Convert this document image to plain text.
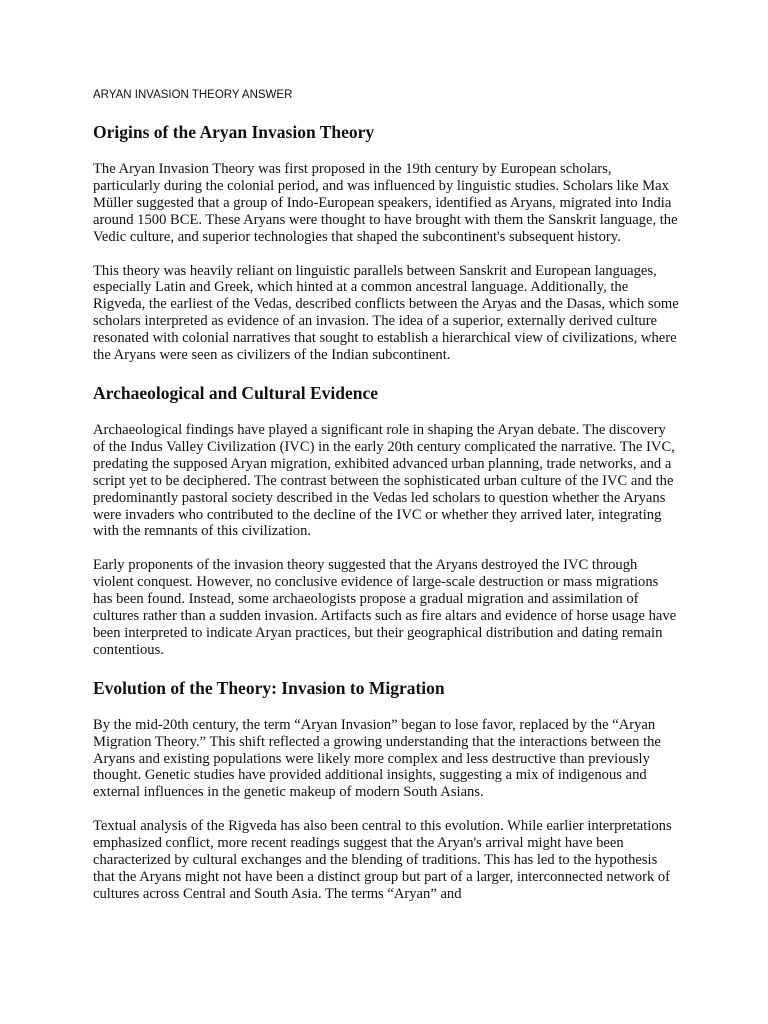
ARYAN INVASION THEORY ANSWER
Origins of the Aryan Invasion Theory

The Aryan Invasion Theory was first proposed in the 19th century by European scholars, particularly during the colonial period, and was influenced by linguistic studies. Scholars like Max Müller suggested that a group of Indo-European speakers, identified as Aryans, migrated into India around 1500 BCE. These Aryans were thought to have brought with them the Sanskrit language, the Vedic culture, and superior technologies that shaped the subcontinent's subsequent history.

This theory was heavily reliant on linguistic parallels between Sanskrit and European languages, especially Latin and Greek, which hinted at a common ancestral language. Additionally, the Rigveda, the earliest of the Vedas, described conflicts between the Aryas and the Dasas, which some scholars interpreted as evidence of an invasion. The idea of a superior, externally derived culture resonated with colonial narratives that sought to establish a hierarchical view of civilizations, where the Aryans were seen as civilizers of the Indian subcontinent.

Archaeological and Cultural Evidence

Archaeological findings have played a significant role in shaping the Aryan debate. The discovery of the Indus Valley Civilization (IVC) in the early 20th century complicated the narrative. The IVC, predating the supposed Aryan migration, exhibited advanced urban planning, trade networks, and a script yet to be deciphered. The contrast between the sophisticated urban culture of the IVC and the predominantly pastoral society described in the Vedas led scholars to question whether the Aryans were invaders who contributed to the decline of the IVC or whether they arrived later, integrating with the remnants of this civilization.

Early proponents of the invasion theory suggested that the Aryans destroyed the IVC through violent conquest. However, no conclusive evidence of large-scale destruction or mass migrations has been found. Instead, some archaeologists propose a gradual migration and assimilation of cultures rather than a sudden invasion. Artifacts such as fire altars and evidence of horse usage have been interpreted to indicate Aryan practices, but their geographical distribution and dating remain contentious.

Evolution of the Theory: Invasion to Migration

By the mid-20th century, the term “Aryan Invasion” began to lose favor, replaced by the “Aryan Migration Theory.” This shift reflected a growing understanding that the interactions between the Aryans and existing populations were likely more complex and less destructive than previously thought. Genetic studies have provided additional insights, suggesting a mix of indigenous and external influences in the genetic makeup of modern South Asians.

Textual analysis of the Rigveda has also been central to this evolution. While earlier interpretations emphasized conflict, more recent readings suggest that the Aryan's arrival might have been characterized by cultural exchanges and the blending of traditions. This has led to the hypothesis that the Aryans might not have been a distinct group but part of a larger, interconnected network of cultures across Central and South Asia. The terms “Aryan” and
